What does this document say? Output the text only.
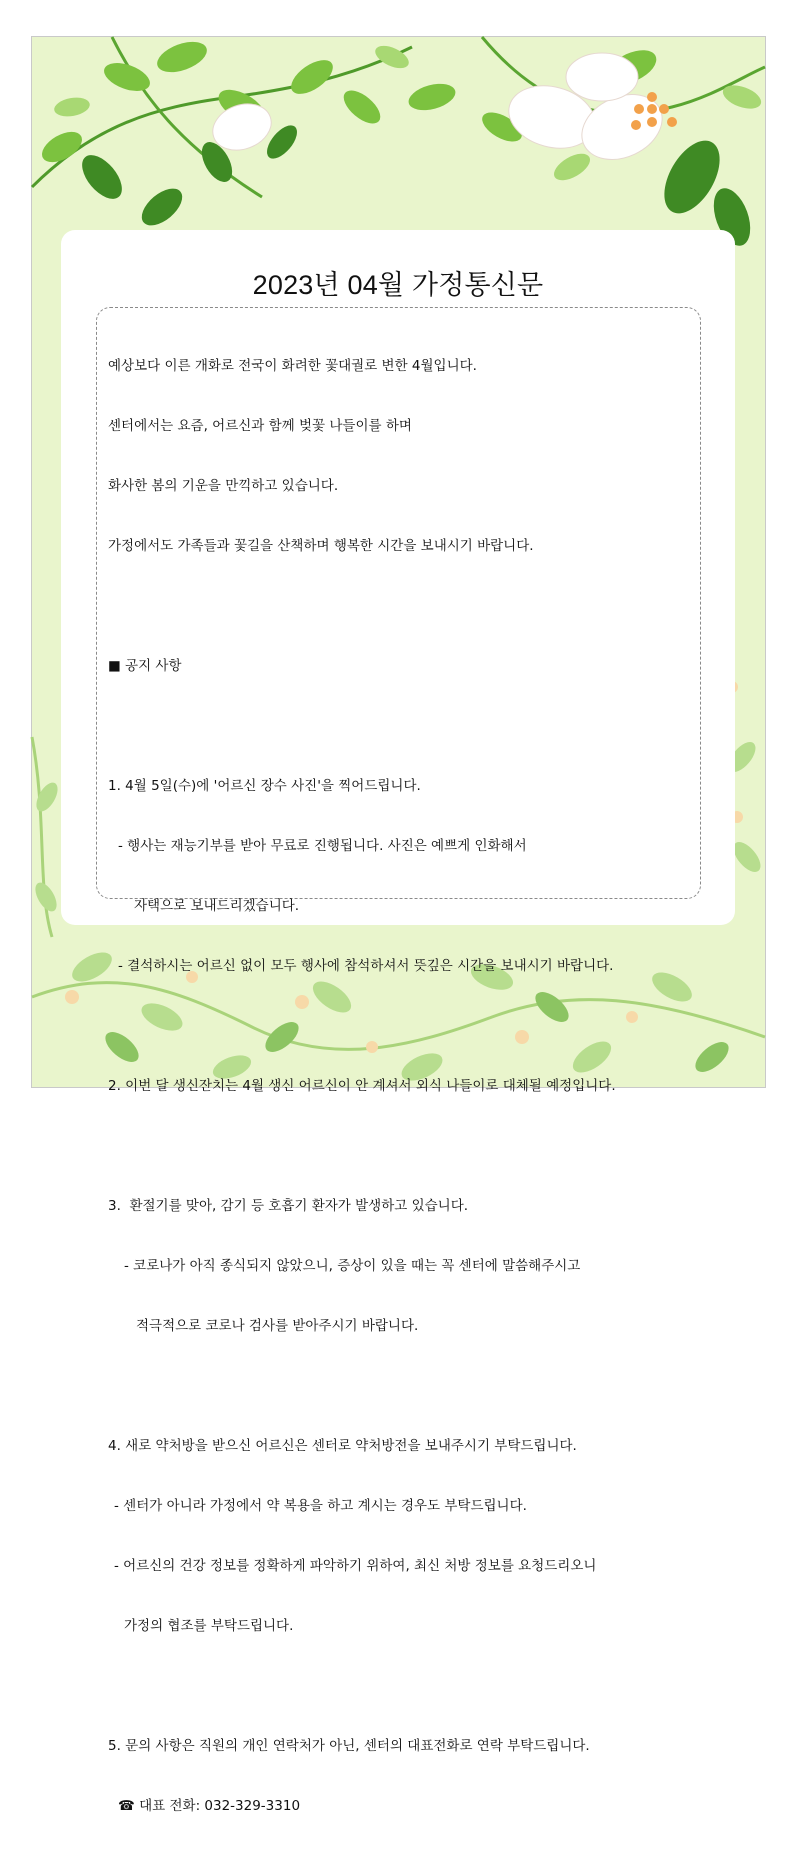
2023년 04월 가정통신문

예상보다 이른 개화로 전국이 화려한 꽃대궐로 변한 4월입니다.

센터에서는 요즘, 어르신과 함께 벚꽃 나들이를 하며

화사한 봄의 기운을 만끽하고 있습니다.

가정에서도 가족들과 꽃길을 산책하며 행복한 시간을 보내시기 바랍니다.

■ 공지 사항

1. 4월 5일(수)에 '어르신 장수 사진'을 찍어드립니다.

- 행사는 재능기부를 받아 무료로 진행됩니다. 사진은 예쁘게 인화해서

자택으로 보내드리겠습니다.

- 결석하시는 어르신 없이 모두 행사에 참석하셔서 뜻깊은 시간을 보내시기 바랍니다.

2. 이번 달 생신잔치는 4월 생신 어르신이 안 계셔서 외식 나들이로 대체될 예정입니다.

3.  환절기를 맞아, 감기 등 호흡기 환자가 발생하고 있습니다.

- 코로나가 아직 종식되지 않았으니, 증상이 있을 때는 꼭 센터에 말씀해주시고

적극적으로 코로나 검사를 받아주시기 바랍니다.

4. 새로 약처방을 받으신 어르신은 센터로 약처방전을 보내주시기 부탁드립니다.

- 센터가 아니라 가정에서 약 복용을 하고 계시는 경우도 부탁드립니다.

- 어르신의 건강 정보를 정확하게 파악하기 위하여, 최신 처방 정보를 요청드리오니

가정의 협조를 부탁드립니다.

5. 문의 사항은 직원의 개인 연락처가 아닌, 센터의 대표전화로 연락 부탁드립니다.

☎ 대표 전화: 032-329-3310
